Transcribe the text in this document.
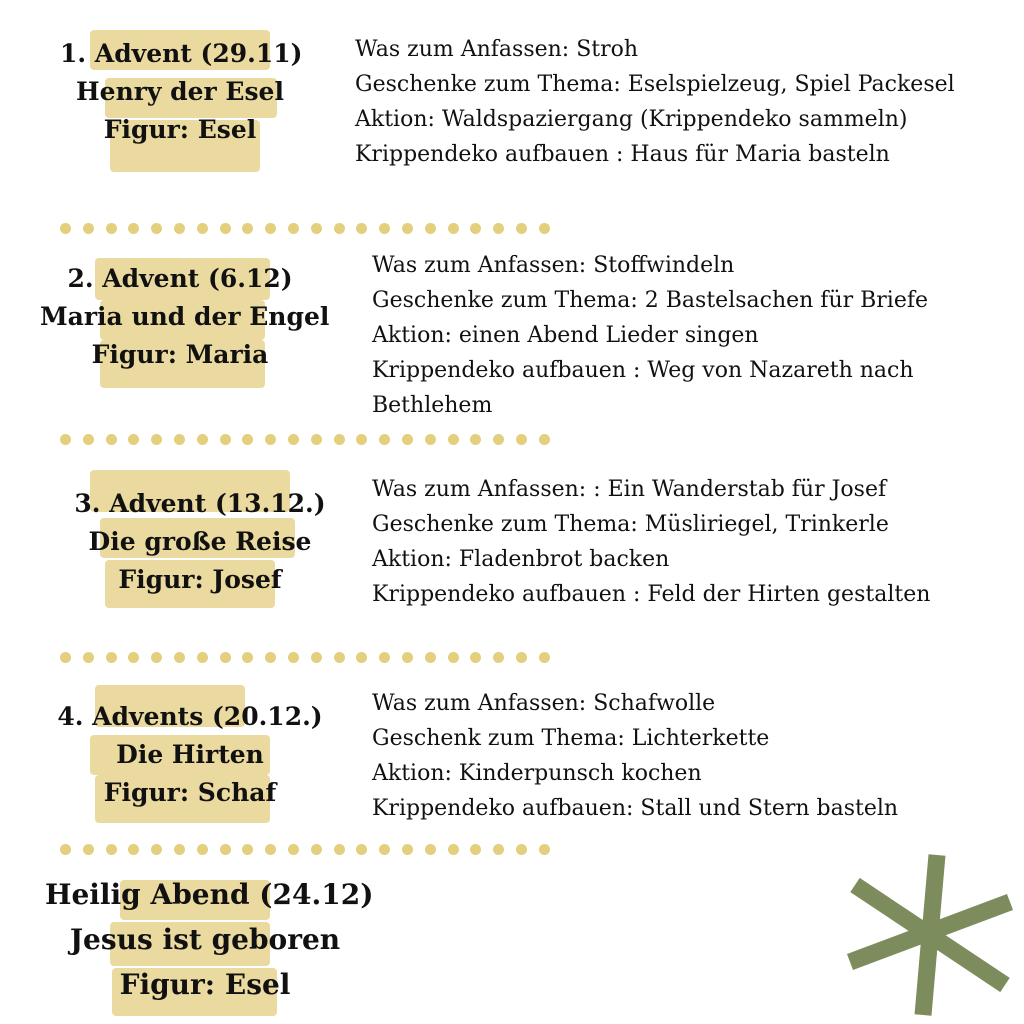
1. Advent (29.11)
Henry der Esel
Figur: Esel
Was zum Anfassen: Stroh
Geschenke zum Thema: Eselspielzeug, Spiel Packesel
Aktion: Waldspaziergang (Krippendeko sammeln)
Krippendeko aufbauen : Haus für Maria basteln
2. Advent (6.12)
Maria und der Engel
Figur: Maria
Was zum Anfassen: Stoffwindeln
Geschenke zum Thema: 2 Bastelsachen für Briefe
Aktion: einen Abend Lieder singen
Krippendeko aufbauen : Weg von Nazareth nach
Bethlehem
3. Advent (13.12.)
Die große Reise
Figur: Josef
Was zum Anfassen: : Ein Wanderstab für Josef
Geschenke zum Thema: Müsliriegel, Trinkerle
Aktion: Fladenbrot backen
Krippendeko aufbauen : Feld der Hirten gestalten
4. Advents (20.12.)
Die Hirten
Figur: Schaf
Was zum Anfassen: Schafwolle
Geschenk zum Thema: Lichterkette
Aktion: Kinderpunsch kochen
Krippendeko aufbauen: Stall und Stern basteln
Heilig Abend (24.12)
Jesus ist geboren
Figur: Esel
